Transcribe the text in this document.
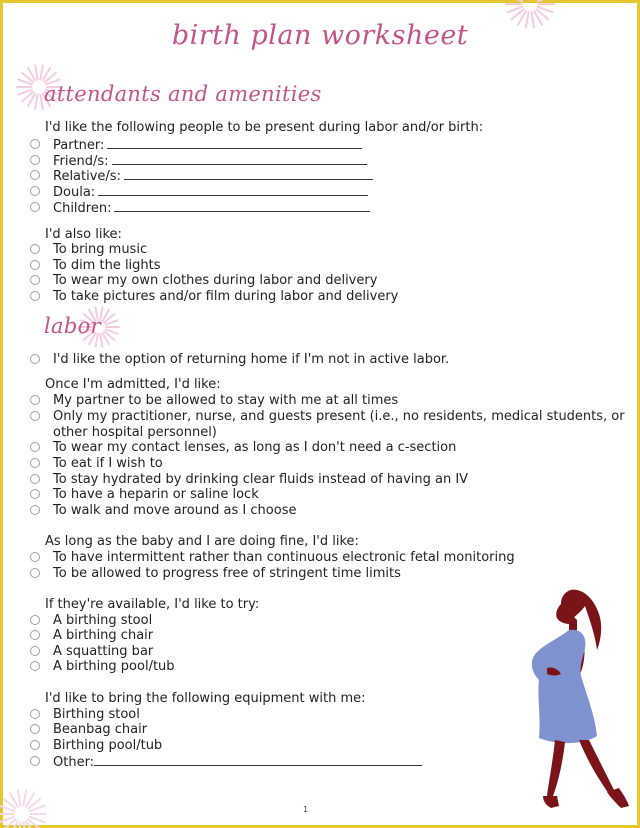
birth plan worksheet
attendants and amenities
I'd like the following people to be present during labor and/or birth:
Partner:
Friend/s:
Relative/s:
Doula:
Children:
I'd also like:
To bring music
To dim the lights
To wear my own clothes during labor and delivery
To take pictures and/or film during labor and delivery
labor
I'd like the option of returning home if I'm not in active labor.
Once I'm admitted, I'd like:
My partner to be allowed to stay with me at all times
Only my practitioner, nurse, and guests present (i.e., no residents, medical students, or
other hospital personnel)
To wear my contact lenses, as long as I don't need a c-section
To eat if I wish to
To stay hydrated by drinking clear fluids instead of having an IV
To have a heparin or saline lock
To walk and move around as I choose
As long as the baby and I are doing fine, I'd like:
To have intermittent rather than continuous electronic fetal monitoring
To be allowed to progress free of stringent time limits
If they're available, I'd like to try:
A birthing stool
A birthing chair
A squatting bar
A birthing pool/tub
I'd like to bring the following equipment with me:
Birthing stool
Beanbag chair
Birthing pool/tub
Other:
1
